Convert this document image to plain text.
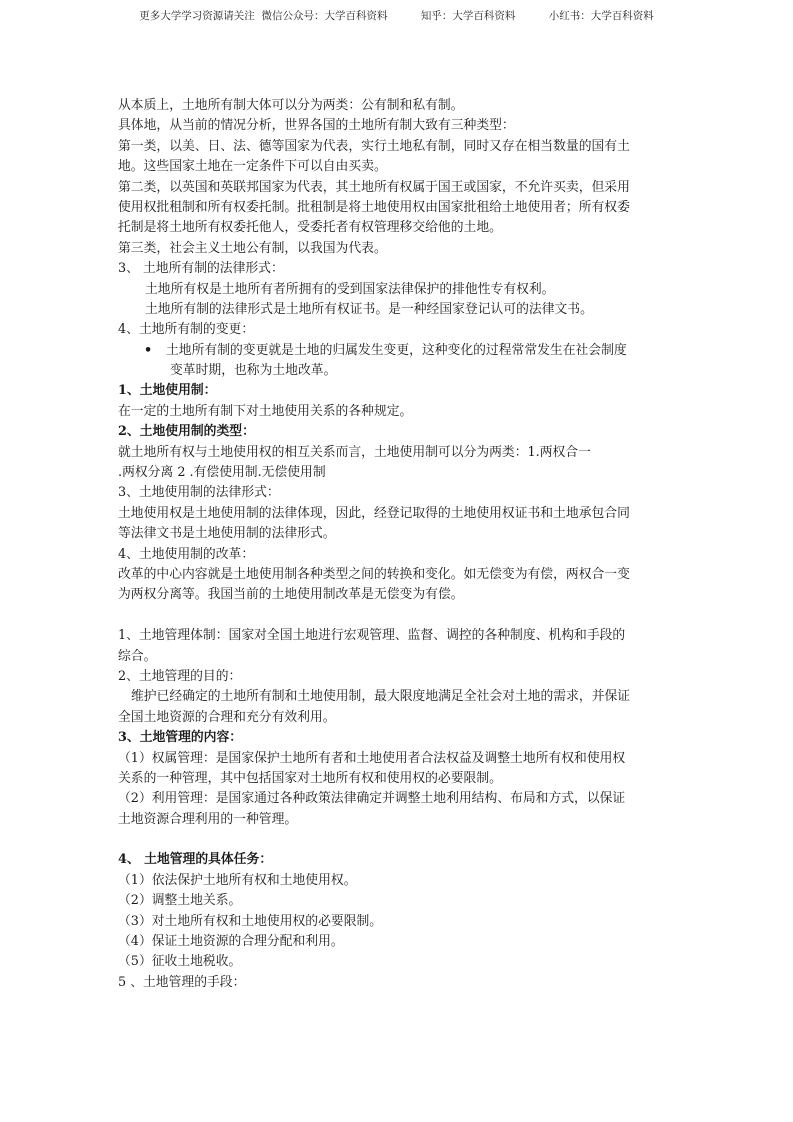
更多大学学习资源请关注  微信公众号：大学百科资料          知乎：大学百科资料          小红书：大学百科资料
从本质上，土地所有制大体可以分为两类：公有制和私有制。
具体地，从当前的情况分析，世界各国的土地所有制大致有三种类型：
第一类，以美、日、法、德等国家为代表，实行土地私有制，同时又存在相当数量的国有土
地。这些国家土地在一定条件下可以自由买卖。
第二类，以英国和英联邦国家为代表，其土地所有权属于国王或国家，不允许买卖，但采用
使用权批租制和所有权委托制。批租制是将土地使用权由国家批租给土地使用者；所有权委
托制是将土地所有权委托他人，受委托者有权管理移交给他的土地。
第三类，社会主义土地公有制，以我国为代表。
3、 土地所有制的法律形式：
土地所有权是土地所有者所拥有的受到国家法律保护的排他性专有权利。
土地所有制的法律形式是土地所有权证书。是一种经国家登记认可的法律文书。
4、土地所有制的变更：
• 土地所有制的变更就是土地的归属发生变更，这种变化的过程常常发生在社会制度
变革时期，也称为土地改革。
1、土地使用制：
在一定的土地所有制下对土地使用关系的各种规定。
2、土地使用制的类型：
就土地所有权与土地使用权的相互关系而言，土地使用制可以分为两类：1.两权合一
.两权分离 2 .有偿使用制.无偿使用制
3、土地使用制的法律形式：
土地使用权是土地使用制的法律体现，因此，经登记取得的土地使用权证书和土地承包合同
等法律文书是土地使用制的法律形式。
4、土地使用制的改革：
改革的中心内容就是土地使用制各种类型之间的转换和变化。如无偿变为有偿，两权合一变
为两权分离等。我国当前的土地使用制改革是无偿变为有偿。
1、土地管理体制：国家对全国土地进行宏观管理、监督、调控的各种制度、机构和手段的
综合。
2、土地管理的目的：
维护已经确定的土地所有制和土地使用制，最大限度地满足全社会对土地的需求，并保证
全国土地资源的合理和充分有效利用。
3、土地管理的内容：
（1）权属管理：是国家保护土地所有者和土地使用者合法权益及调整土地所有权和使用权
关系的一种管理，其中包括国家对土地所有权和使用权的必要限制。
（2）利用管理：是国家通过各种政策法律确定并调整土地利用结构、布局和方式，以保证
土地资源合理利用的一种管理。
4、 土地管理的具体任务：
（1）依法保护土地所有权和土地使用权。
（2）调整土地关系。
（3）对土地所有权和土地使用权的必要限制。
（4）保证土地资源的合理分配和利用。
（5）征收土地税收。
5 、土地管理的手段：
